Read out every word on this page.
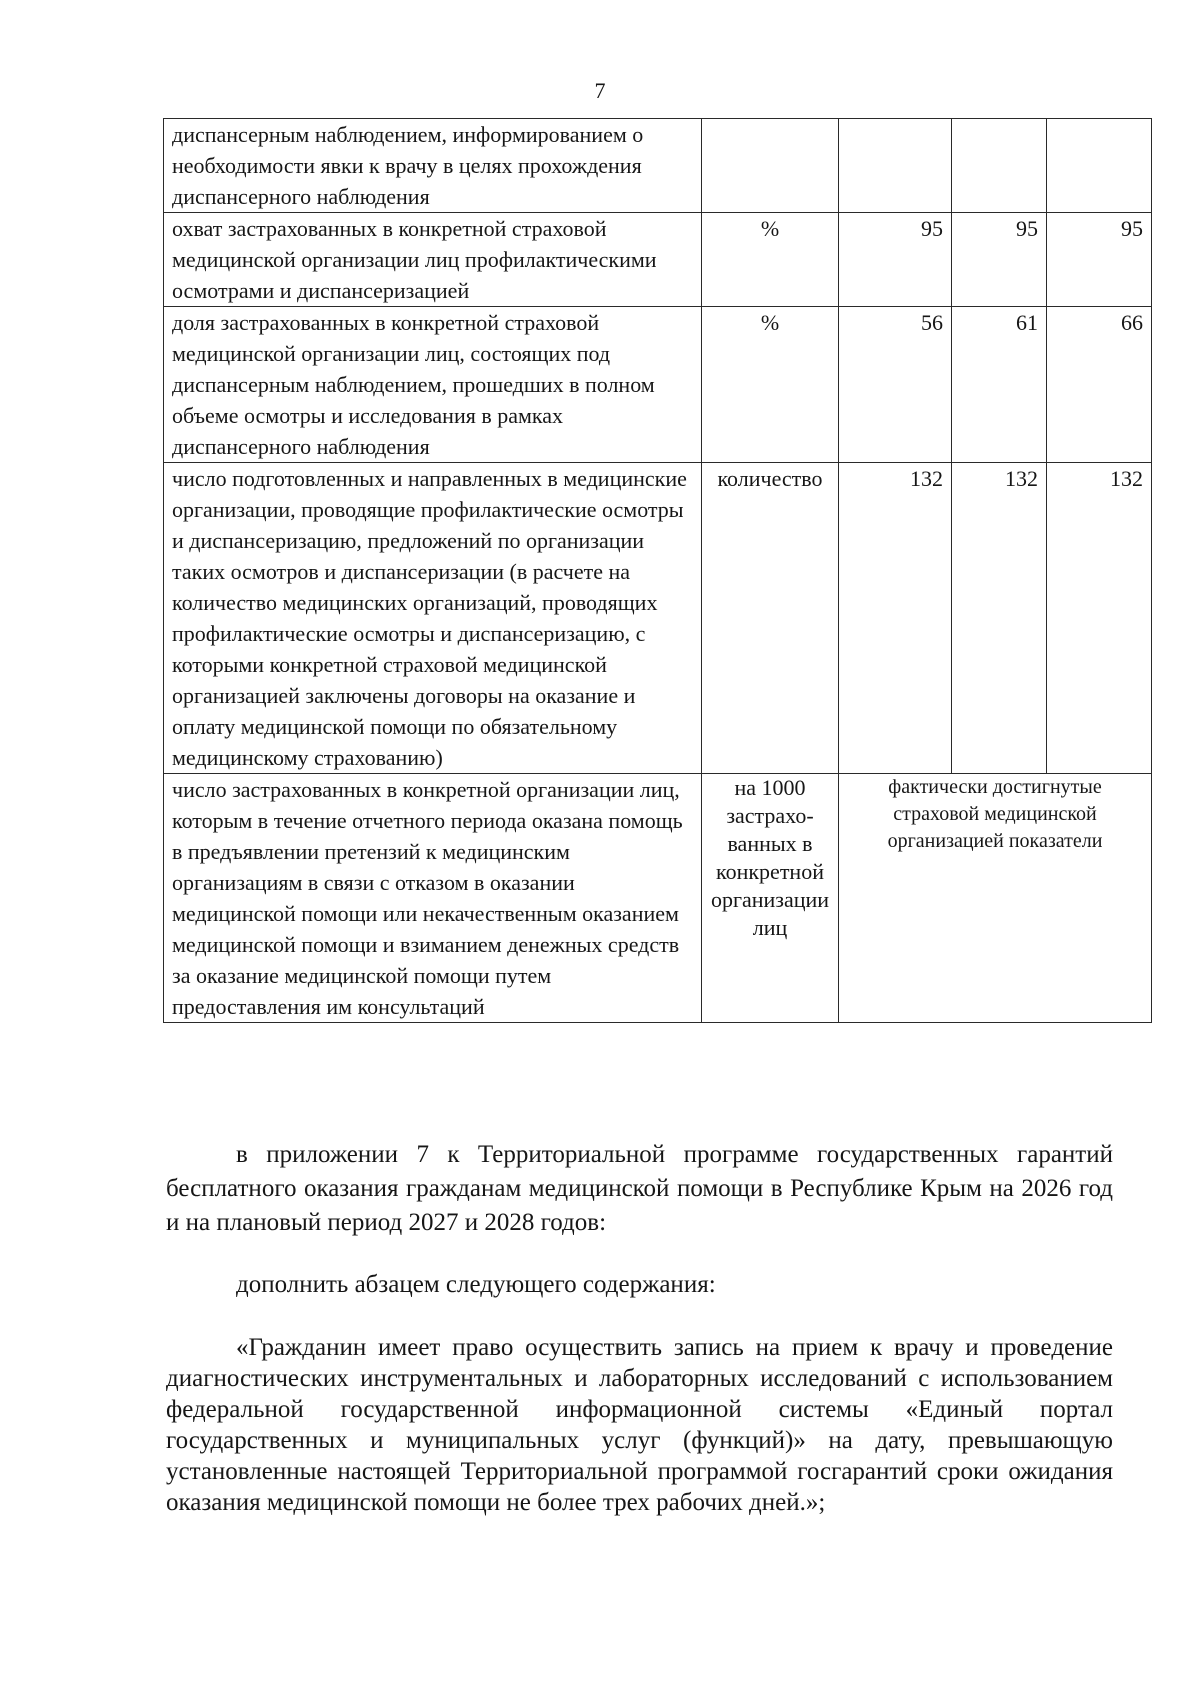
7
диспансерным наблюдением, информированием о необходимости явки к врачу в целях прохождения диспансерного наблюдения				
охват застрахованных в конкретной страховой медицинской организации лиц профилактическими осмотрами и диспансеризацией	%	95	95	95
доля застрахованных в конкретной страховой медицинской организации лиц, состоящих под диспансерным наблюдением, прошедших в полном объеме осмотры и исследования в рамках диспансерного наблюдения	%	56	61	66
число подготовленных и направленных в медицинские организации, проводящие профилактические осмотры и диспансеризацию, предложений по организации таких осмотров и диспансеризации (в расчете на количество медицинских организаций, проводящих профилактические осмотры и диспансеризацию, с которыми конкретной страховой медицинской организацией заключены договоры на оказание и оплату медицинской помощи по обязательному медицинскому страхованию)	количество	132	132	132
число застрахованных в конкретной организации лиц, которым в течение отчетного периода оказана помощь в предъявлении претензий к медицинским организациям в связи с отказом в оказании медицинской помощи или некачественным оказанием медицинской помощи и взиманием денежных средств за оказание медицинской помощи путем предоставления им консультаций	на 1000 застрахо-ванных в конкретной организации лиц	фактически достигнутые страховой медицинской организацией показатели		
в приложении 7 к Территориальной программе государственных гарантий бесплатного оказания гражданам медицинской помощи в Республике Крым на 2026 год и на плановый период 2027 и 2028 годов:
дополнить абзацем следующего содержания:
«Гражданин имеет право осуществить запись на прием к врачу и проведение диагностических инструментальных и лабораторных исследований с использованием федеральной государственной информационной системы «Единый портал государственных и муниципальных услуг (функций)» на дату, превышающую установленные настоящей Территориальной программой госгарантий сроки ожидания оказания медицинской помощи не более трех рабочих дней.»;
